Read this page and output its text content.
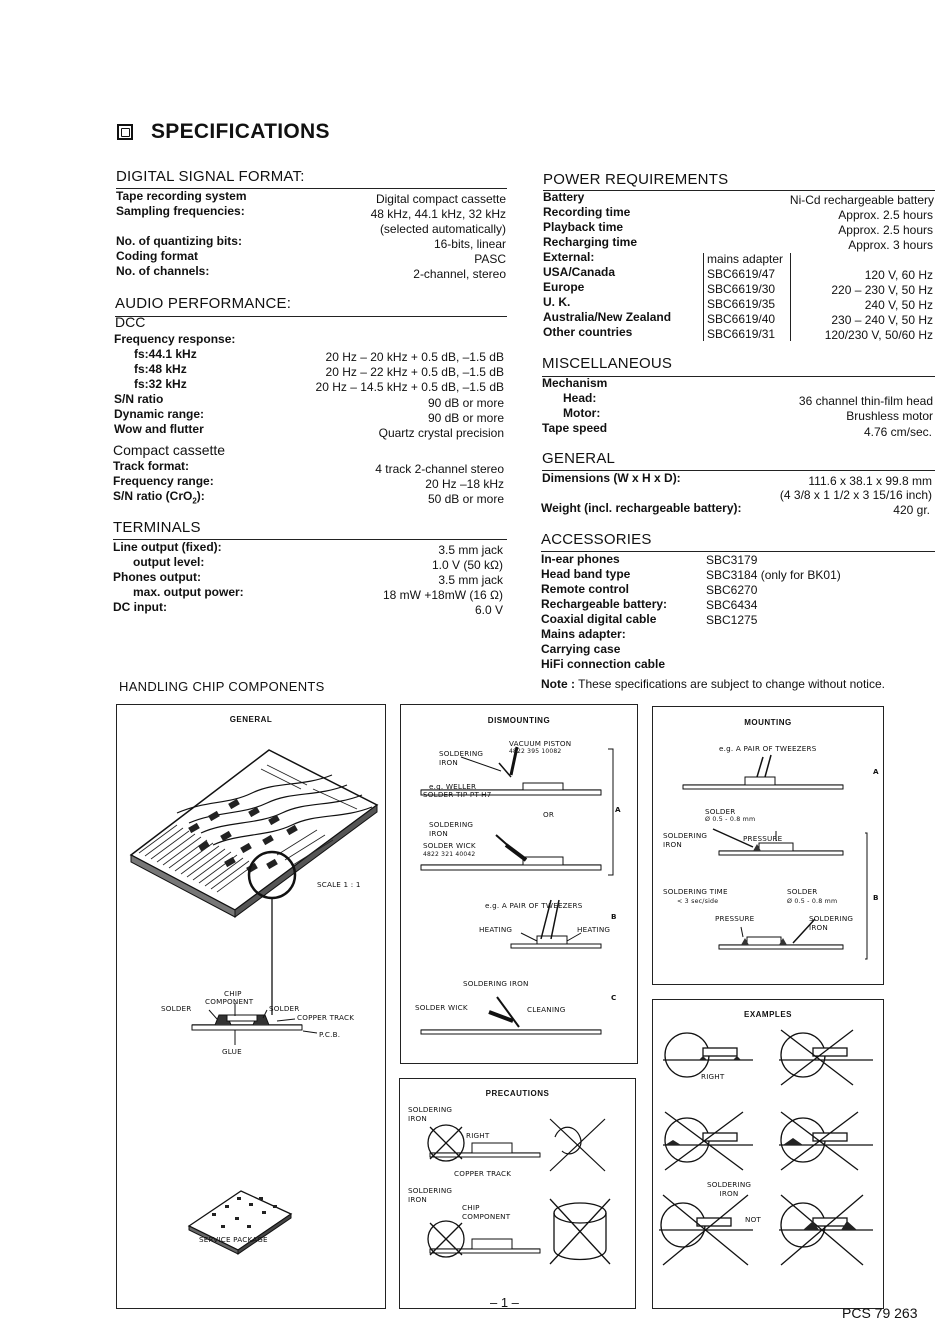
SPECIFICATIONS
DIGITAL SIGNAL FORMAT:
Tape recording system	Digital compact cassette
Sampling frequencies:	48 kHz, 44.1 kHz, 32 kHz
(selected automatically)
No. of quantizing bits:	16-bits, linear
Coding format	PASC
No. of channels:	2-channel, stereo
AUDIO PERFORMANCE:
DCC
Frequency response:
fs:44.1 kHz	20 Hz – 20 kHz + 0.5 dB, –1.5 dB
fs:48 kHz	20 Hz – 22 kHz + 0.5 dB, –1.5 dB
fs:32 kHz	20 Hz – 14.5 kHz + 0.5 dB, –1.5 dB
S/N ratio	90 dB or more
Dynamic range:	90 dB or more
Wow and flutter	Quartz crystal precision
Compact cassette
Track format:	4 track 2-channel stereo
Frequency range:	20 Hz –18 kHz
S/N ratio (CrO$_2$):	50 dB or more
TERMINALS
Line output (fixed):	3.5 mm jack
output level:	1.0 V (50 kΩ)
Phones output:	3.5 mm jack
max. output power:	18 mW +18mW (16 Ω)
DC input:	6.0 V
POWER REQUIREMENTS
Battery	Ni-Cd rechargeable battery
Recording time	Approx. 2.5 hours
Playback time	Approx. 2.5 hours
Recharging time	Approx. 3 hours
External:	mains adapter
USA/Canada	SBC6619/47	120 V, 60 Hz
Europe	SBC6619/30	220 – 230 V, 50 Hz
U. K.	SBC6619/35	240 V, 50 Hz
Australia/New Zealand	SBC6619/40	230 – 240 V, 50 Hz
Other countries	SBC6619/31	120/230 V, 50/60 Hz
MISCELLANEOUS
Mechanism
Head:	36 channel thin-film head
Motor:	Brushless motor
Tape speed	4.76 cm/sec.
GENERAL
Dimensions (W x H x D):	111.6 x 38.1 x 99.8 mm
(4 3/8 x 1 1/2 x 3 15/16 inch)
Weight (incl. rechargeable battery):	420 gr.
ACCESSORIES
In-ear phones	SBC3179
Head band type	SBC3184 (only for BK01)
Remote control	SBC6270
Rechargeable battery:	SBC6434
Coaxial digital cable	SBC1275
Mains adapter:
Carrying case
HiFi connection cable
Note : These specifications are subject to change without notice.
HANDLING CHIP COMPONENTS
GENERAL
SCALE 1 : 1
CHIP
COMPONENT
SOLDER	SOLDER
COPPER TRACK
P.C.B.
GLUE
SERVICE PACKAGE
DISMOUNTING
VACUUM PISTON
4822 395 10082
SOLDERING IRON
e.g. WELLER
SOLDER TIP PT-H7
OR
A
SOLDERING IRON
SOLDER WICK
4822 321 40042
e.g. A PAIR OF TWEEZERS
B
HEATING	HEATING
SOLDERING IRON
C
SOLDER WICK	CLEANING
MOUNTING
e.g. A PAIR OF TWEEZERS
A
SOLDER
Ø 0.5 - 0.8 mm
SOLDERING IRON
PRESSURE
SOLDERING TIME
< 3 sec/side
SOLDER
Ø 0.5 - 0.8 mm	B
PRESSURE	SOLDERING IRON
PRECAUTIONS
SOLDERING IRON
RIGHT
COPPER TRACK
SOLDERING IRON
CHIP
COMPONENT
EXAMPLES
RIGHT
SOLDERING IRON
NOT
– 1 –
PCS 79 263
